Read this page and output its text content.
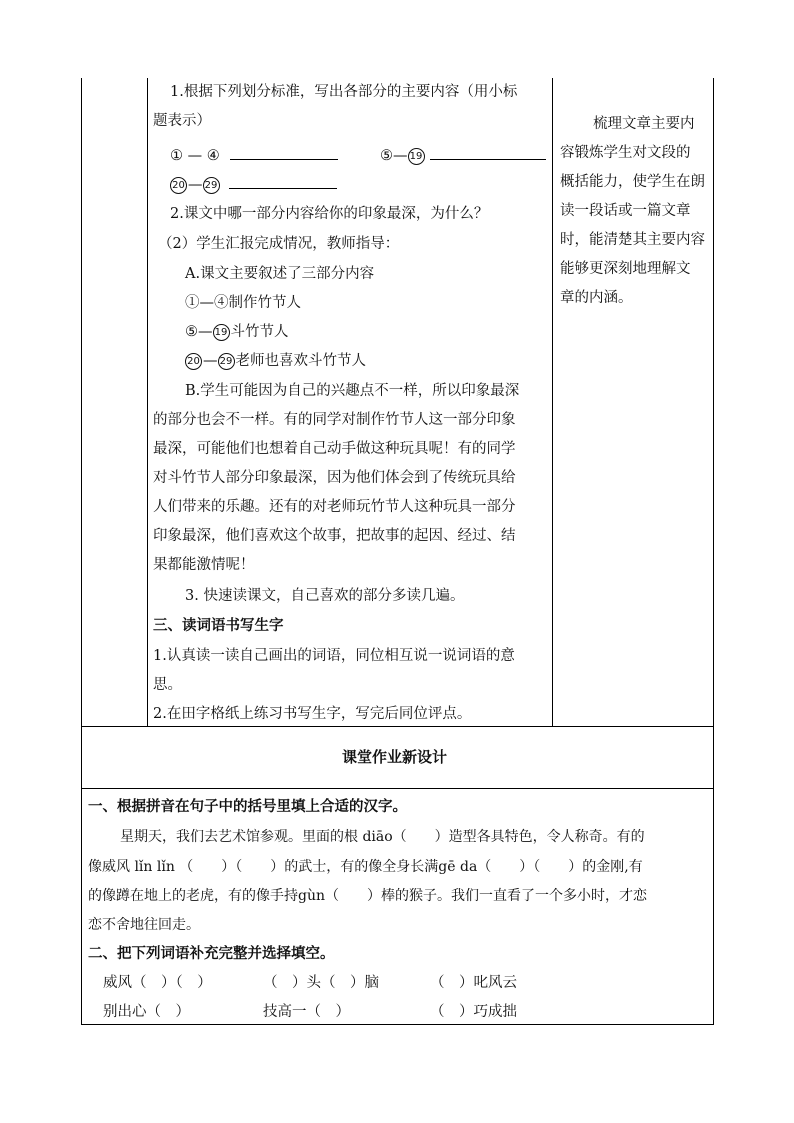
1.根据下列划分标准，写出各部分的主要内容（用小标
题表示）
① — ④	⑤— 19
20 — 29
2.课文中哪一部分内容给你的印象最深，为什么？
（2）学生汇报完成情况，教师指导：
A.课文主要叙述了三部分内容
①—④制作竹节人
⑤— 19 斗竹节人
20 — 29 老师也喜欢斗竹节人
B.学生可能因为自己的兴趣点不一样，所以印象最深
的部分也会不一样。有的同学对制作竹节人这一部分印象
最深，可能他们也想着自己动手做这种玩具呢！有的同学
对斗竹节人部分印象最深，因为他们体会到了传统玩具给
人们带来的乐趣。还有的对老师玩竹节人这种玩具一部分
印象最深，他们喜欢这个故事，把故事的起因、经过、结
果都能激情呢！
3. 快速读课文，自己喜欢的部分多读几遍。
三、读词语书写生字
1.认真读一读自己画出的词语，同位相互说一说词语的意
思。
2.在田字格纸上练习书写生字，写完后同位评点。
梳理文章主要内
容锻炼学生对文段的
概括能力，使学生在朗
读一段话或一篇文章
时，能清楚其主要内容
能够更深刻地理解文
章的内涵。
课堂作业新设计
一、根据拼音在句子中的括号里填上合适的汉字。
星期天，我们去艺术馆参观。里面的根 diāo（　　）造型各具特色，令人称奇。有的
像威风 lǐn lǐn （　　）（　　）的武士，有的像全身长满gē da（　　）（　　）的金刚,有
的像蹲在地上的老虎，有的像手持gùn（　　）棒的猴子。我们一直看了一个多小时，才恋
恋不舍地往回走。
二、把下列词语补充完整并选择填空。
威风（　）（　）	（　）头（　）脑	（　）叱风云
别出心（　）	技高一（　）	（　）巧成拙
